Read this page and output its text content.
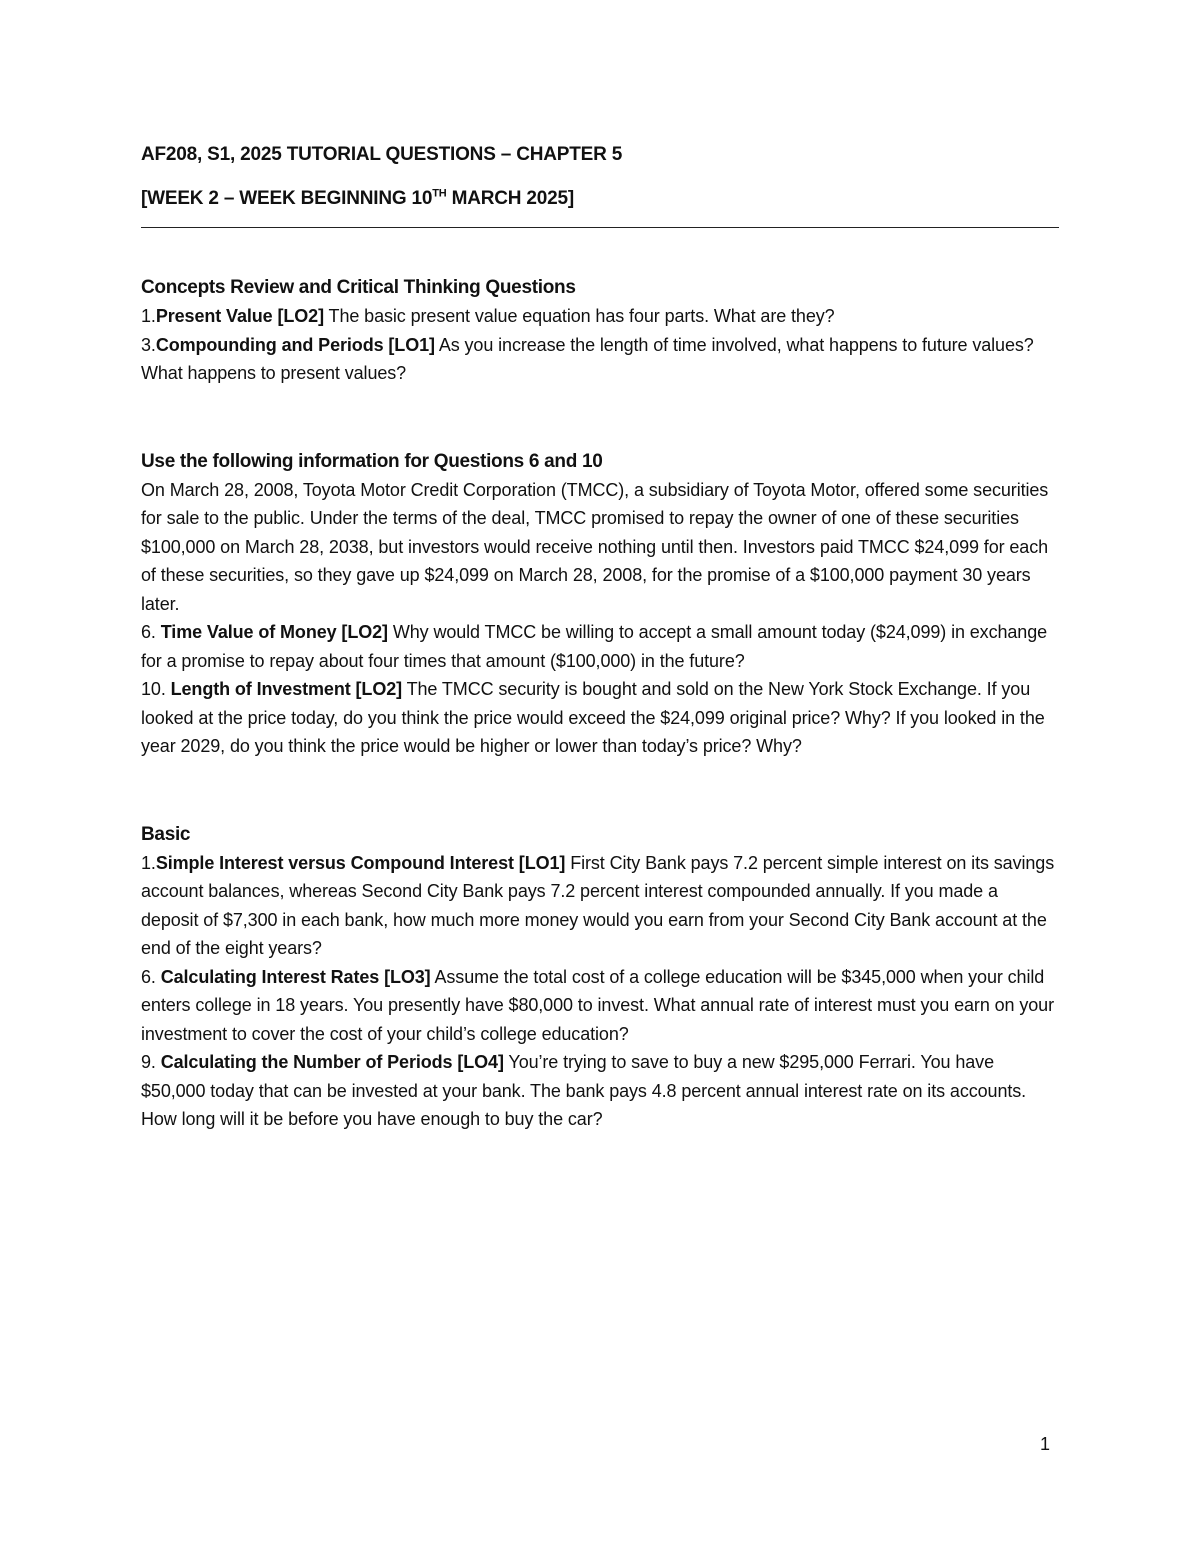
AF208, S1, 2025 TUTORIAL QUESTIONS – CHAPTER 5

[WEEK 2 – WEEK BEGINNING 10TH MARCH 2025]

Concepts Review and Critical Thinking Questions

1.Present Value [LO2] The basic present value equation has four parts. What are they?

3.Compounding and Periods [LO1] As you increase the length of time involved, what happens to future values? What happens to present values?

Use the following information for Questions 6 and 10

On March 28, 2008, Toyota Motor Credit Corporation (TMCC), a subsidiary of Toyota Motor, offered some securities for sale to the public. Under the terms of the deal, TMCC promised to repay the owner of one of these securities $100,000 on March 28, 2038, but investors would receive nothing until then. Investors paid TMCC $24,099 for each of these securities, so they gave up $24,099 on March 28, 2008, for the promise of a $100,000 payment 30 years later.

6. Time Value of Money [LO2] Why would TMCC be willing to accept a small amount today ($24,099) in exchange for a promise to repay about four times that amount ($100,000) in the future?

10. Length of Investment [LO2] The TMCC security is bought and sold on the New York Stock Exchange. If you looked at the price today, do you think the price would exceed the $24,099 original price? Why? If you looked in the year 2029, do you think the price would be higher or lower than today’s price? Why?

Basic

1.Simple Interest versus Compound Interest [LO1] First City Bank pays 7.2 percent simple interest on its savings account balances, whereas Second City Bank pays 7.2 percent interest compounded annually. If you made a deposit of $7,300 in each bank, how much more money would you earn from your Second City Bank account at the end of the eight years?

6. Calculating Interest Rates [LO3] Assume the total cost of a college education will be $345,000 when your child enters college in 18 years. You presently have $80,000 to invest. What annual rate of interest must you earn on your investment to cover the cost of your child’s college education?

9. Calculating the Number of Periods [LO4] You’re trying to save to buy a new $295,000 Ferrari. You have $50,000 today that can be invested at your bank. The bank pays 4.8 percent annual interest rate on its accounts. How long will it be before you have enough to buy the car?

1
